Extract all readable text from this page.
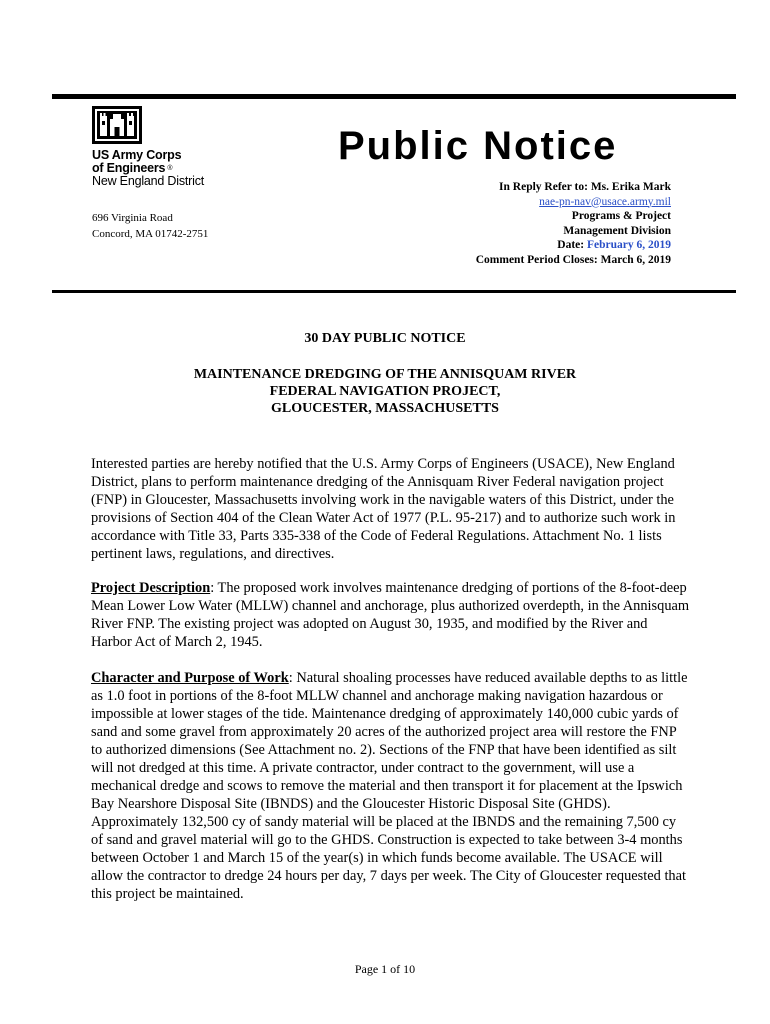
US Army Corps
of Engineers ®
New England District
696 Virginia Road
Concord, MA 01742-2751
Public Notice
In Reply Refer to: Ms. Erika Mark
nae-pn-nav@usace.army.mil
Programs & Project
Management Division
Date: February 6, 2019
Comment Period Closes: March 6, 2019
30 DAY PUBLIC NOTICE
MAINTENANCE DREDGING OF THE ANNISQUAM RIVER
FEDERAL NAVIGATION PROJECT,
GLOUCESTER, MASSACHUSETTS
Interested parties are hereby notified that the U.S. Army Corps of Engineers (USACE), New England District, plans to perform maintenance dredging of the Annisquam River Federal navigation project (FNP) in Gloucester, Massachusetts involving work in the navigable waters of this District, under the provisions of Section 404 of the Clean Water Act of 1977 (P.L. 95-217) and to authorize such work in accordance with Title 33, Parts 335-338 of the Code of Federal Regulations. Attachment No. 1 lists pertinent laws, regulations, and directives.
Project Description: The proposed work involves maintenance dredging of portions of the 8-foot-deep Mean Lower Low Water (MLLW) channel and anchorage, plus authorized overdepth, in the Annisquam River FNP. The existing project was adopted on August 30, 1935, and modified by the River and Harbor Act of March 2, 1945.
Character and Purpose of Work: Natural shoaling processes have reduced available depths to as little as 1.0 foot in portions of the 8-foot MLLW channel and anchorage making navigation hazardous or impossible at lower stages of the tide. Maintenance dredging of approximately 140,000 cubic yards of sand and some gravel from approximately 20 acres of the authorized project area will restore the FNP to authorized dimensions (See Attachment no. 2). Sections of the FNP that have been identified as silt will not dredged at this time. A private contractor, under contract to the government, will use a mechanical dredge and scows to remove the material and then transport it for placement at the Ipswich Bay Nearshore Disposal Site (IBNDS) and the Gloucester Historic Disposal Site (GHDS). Approximately 132,500 cy of sandy material will be placed at the IBNDS and the remaining 7,500 cy of sand and gravel material will go to the GHDS. Construction is expected to take between 3-4 months between October 1 and March 15 of the year(s) in which funds become available. The USACE will allow the contractor to dredge 24 hours per day, 7 days per week. The City of Gloucester requested that this project be maintained.
Page 1 of 10
